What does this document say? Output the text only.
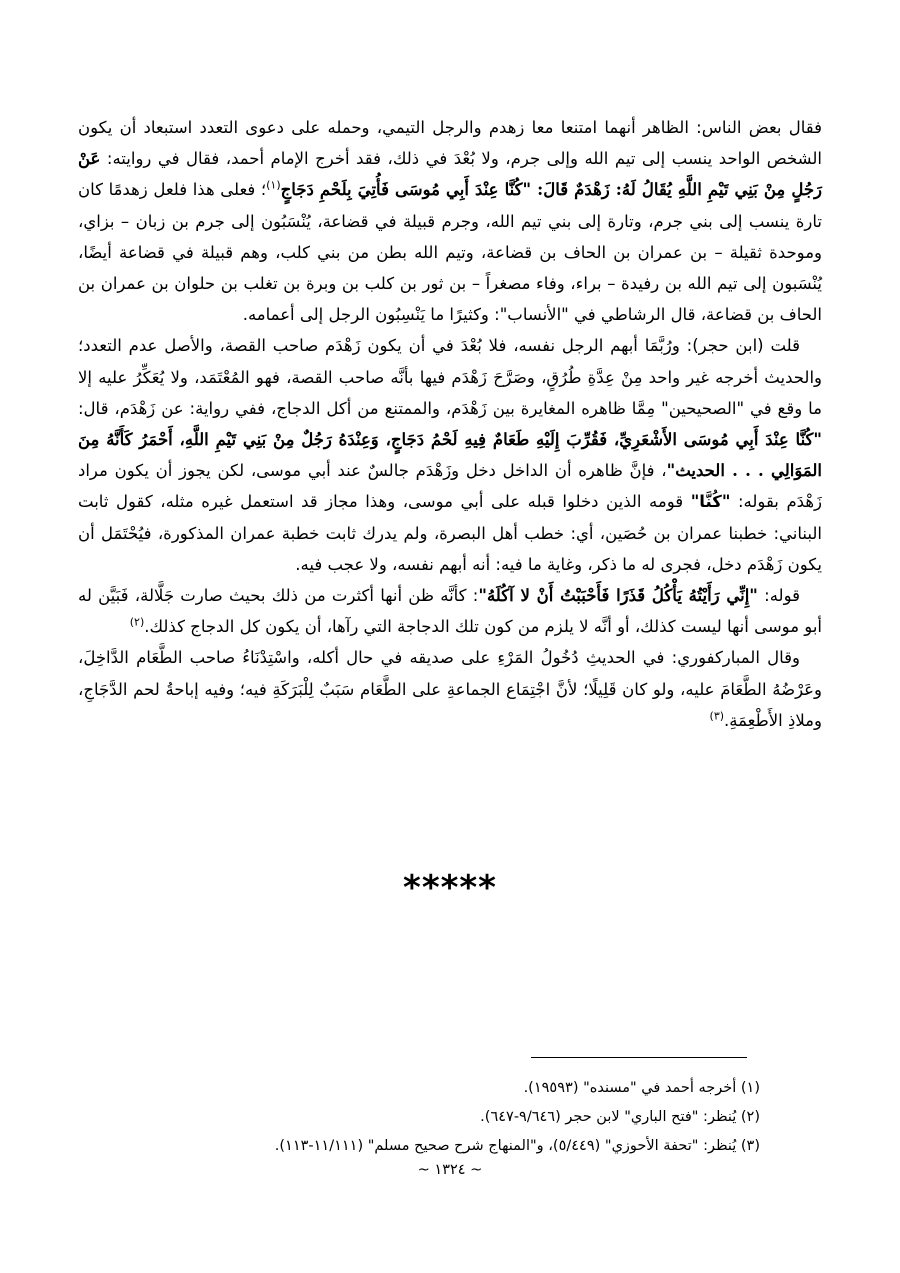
فقال بعض الناس: الظاهر أنهما امتنعا معا زهدم والرجل التيمي، وحمله على دعوى التعدد استبعاد أن يكون الشخص الواحد ينسب إلى تيم الله وإلى جرم، ولا بُعْدَ في ذلك، فقد أخرج الإمام أحمد، فقال في روايته: عَنْ رَجُلٍ مِنْ بَنِي تَيْمِ اللَّهِ يُقَالُ لَهُ: زَهْدَمٌ قَالَ: "كُنَّا عِنْدَ أَبِي مُوسَى فَأُتِيَ بِلَحْمِ دَجَاجٍ$^{(١)}$؛ فعلى هذا فلعل زهدمًا كان تارة ينسب إلى بني جرم، وتارة إلى بني تيم الله، وجرم قبيلة في قضاعة، يُنْسَبُون إلى جرم بن زبان – بزاي، وموحدة ثقيلة – بن عمران بن الحاف بن قضاعة، وتيم الله بطن من بني كلب، وهم قبيلة في قضاعة أيضًا، يُنْسَبون إلى تيم الله بن رفيدة – براء، وفاء مصغراً – بن ثور بن كلب بن وبرة بن تغلب بن حلوان بن عمران بن الحاف بن قضاعة، قال الرشاطي في "الأنساب": وكثيرًا ما يَنْسِبُون الرجل إلى أعمامه.

قلت (ابن حجر): ورُبَّمَا أبهم الرجل نفسه، فلا بُعْدَ في أن يكون زَهْدَم صاحب القصة، والأصل عدم التعدد؛ والحديث أخرجه غير واحد مِنْ عِدَّةِ طُرُقٍ، وصَرَّحَ زَهْدَم فيها بأنَّه صاحب القصة، فهو المُعْتَمَد، ولا يُعَكِّرُ عليه إلا ما وقع في "الصحيحين" مِمَّا ظاهره المغايرة بين زَهْدَم، والممتنع من أكل الدجاج، ففي رواية: عن زَهْدَم، قال: "كُنَّا عِنْدَ أَبِي مُوسَى الأَشْعَرِيِّ، فَقُرِّبَ إِلَيْهِ طَعَامٌ فِيهِ لَحْمُ دَجَاجٍ، وَعِنْدَهُ رَجُلٌ مِنْ بَنِي تَيْمِ اللَّهِ، أَحْمَرُ كَأَنَّهُ مِنَ المَوَالِي . . . الحديث"، فإنَّ ظاهره أن الداخل دخل وزَهْدَم جالسٌ عند أبي موسى، لكن يجوز أن يكون مراد زَهْدَم بقوله: "كُنَّا" قومه الذين دخلوا قبله على أبي موسى، وهذا مجاز قد استعمل غيره مثله، كقول ثابت البناني: خطبنا عمران بن حُصَين، أي: خطب أهل البصرة، ولم يدرك ثابت خطبة عمران المذكورة، فيُحْتَمَل أن يكون زَهْدَم دخل، فجرى له ما ذكر، وغاية ما فيه: أنه أبهم نفسه، ولا عجب فيه.

قوله: "إِنِّي رَأَيْتُهُ يَأْكُلُ قَذَرًا فَأَحْبَبْتُ أَنْ لا آكُلَهُ": كأنَّه ظن أنها أكثرت من ذلك بحيث صارت جَلَّالة، فَبَيَّن له أبو موسى أنها ليست كذلك، أو أنَّه لا يلزم من كون تلك الدجاجة التي رآها، أن يكون كل الدجاج كذلك.$^{(٢)}$

وقال المباركفوري: في الحديثِ دُخُولُ المَرْءِ على صديقه في حال أكله، واسْتِدْنَاءُ صاحب الطَّعَام الدَّاخِلَ، وعَرْضُهُ الطَّعَامَ عليه، ولو كان قَلِيلًا؛ لأنَّ اجْتِمَاع الجماعةِ على الطَّعَام سَبَبٌ لِلْبَرَكَةِ فيه؛ وفيه إباحةُ لحم الدَّجَاجِ، وملاذِ الأَطْعِمَةِ.$^{(٣)}$

*****

(١) أخرجه أحمد في "مسنده" (١٩٥٩٣).

(٢) يُنظر: "فتح الباري" لابن حجر (٩/٦٤٦-٦٤٧).

(٣) يُنظر: "تحفة الأحوزي" (٥/٤٤٩)، و"المنهاج شرح صحيح مسلم" (١١/١١١-١١٣).

~ ١٣٢٤ ~
